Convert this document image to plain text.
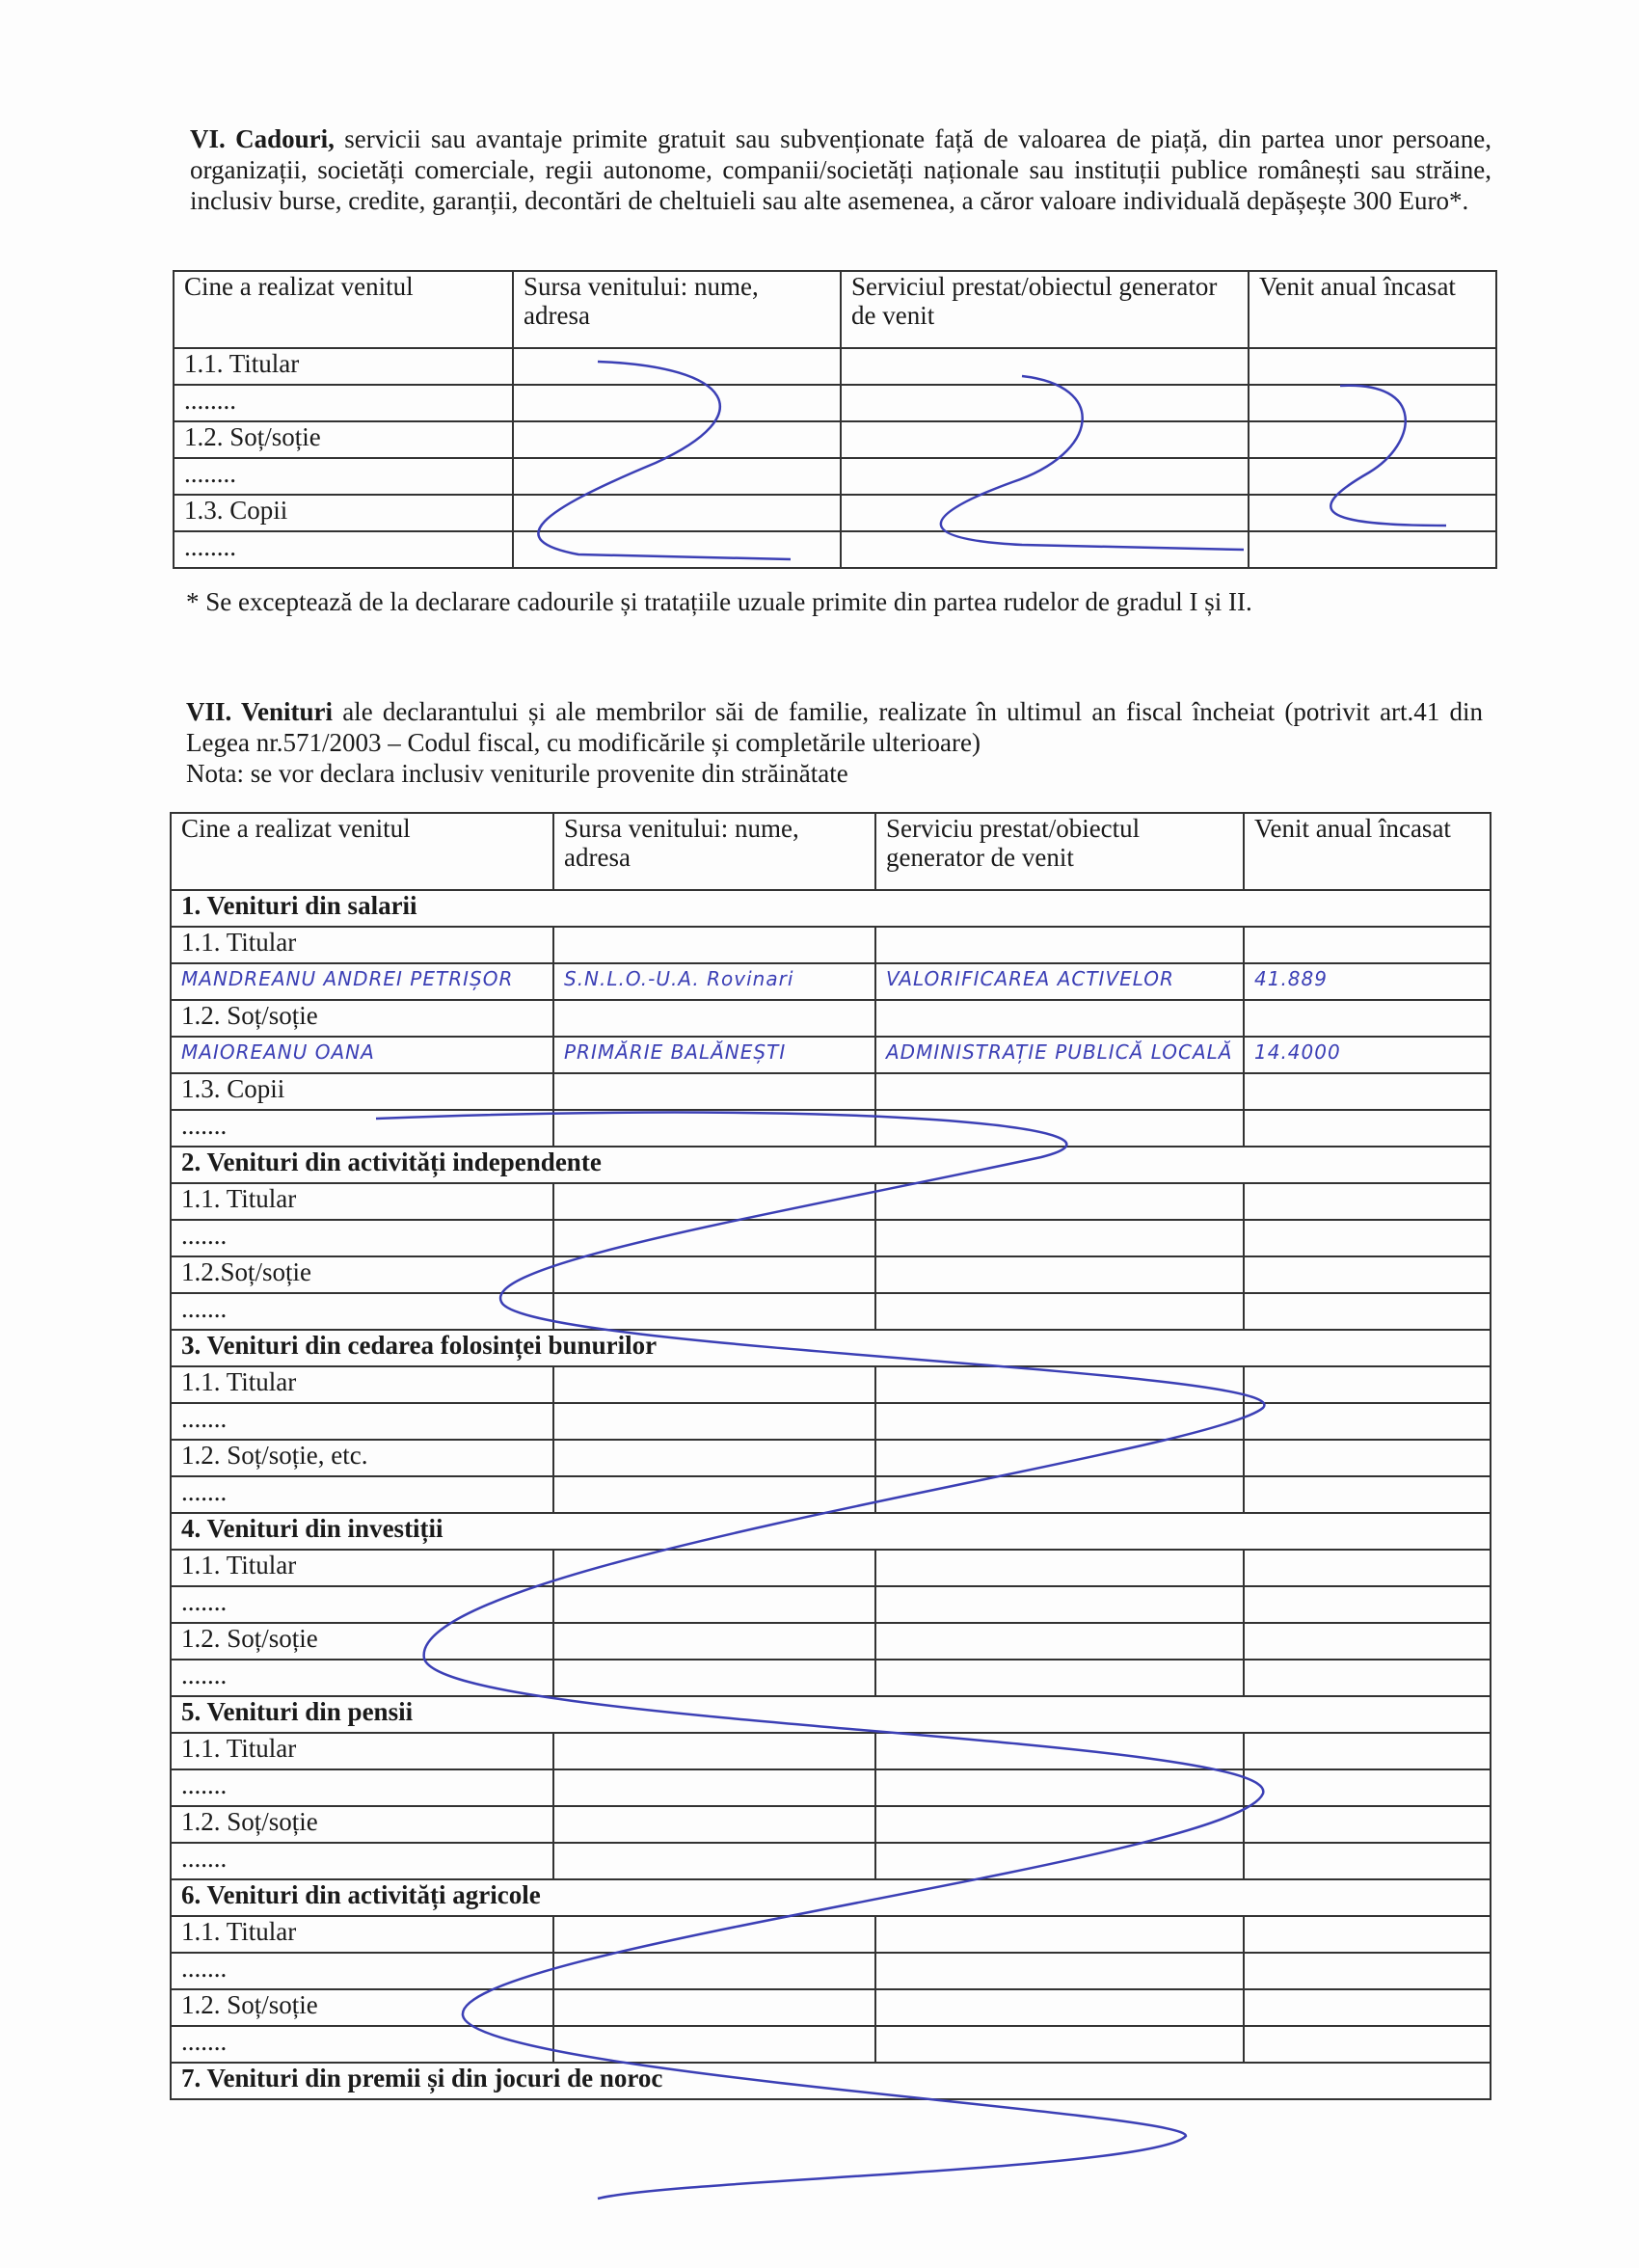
VI. Cadouri, servicii sau avantaje primite gratuit sau subvenționate față de valoarea de piață, din partea unor persoane, organizații, societăți comerciale, regii autonome, companii/societăți naționale sau instituții publice românești sau străine, inclusiv burse, credite, garanții, decontări de cheltuieli sau alte asemenea, a căror valoare individuală depășește 300 Euro*.
Cine a realizat venitul	Sursa venitului: nume, adresa	Serviciul prestat/obiectul generator de venit	Venit anual încasat
1.1. Titular			
........			
1.2. Soț/soție			
........			
1.3. Copii			
........			
* Se exceptează de la declarare cadourile și tratațiile uzuale primite din partea rudelor de gradul I și II.
VII. Venituri ale declarantului și ale membrilor săi de familie, realizate în ultimul an fiscal încheiat (potrivit art.41 din Legea nr.571/2003 – Codul fiscal, cu modificările și completările ulterioare)
Nota: se vor declara inclusiv veniturile provenite din străinătate
Cine a realizat venitul	Sursa venitului: nume, adresa	Serviciu prestat/obiectul generator de venit	Venit anual încasat
1. Venituri din salarii			
1.1. Titular			
MANDREANU ANDREI PETRIȘOR	S.N.L.O.-U.A. Rovinari	VALORIFICAREA ACTIVELOR	41.889
1.2. Soț/soție			
MAIOREANU OANA	PRIMĂRIE BALĂNEȘTI	ADMINISTRAȚIE PUBLICĂ LOCALĂ	14.4000
1.3. Copii			
.......			
2. Venituri din activități independente			
1.1. Titular			
.......			
1.2.Soț/soție			
.......			
3. Venituri din cedarea folosinței bunurilor			
1.1. Titular			
.......			
1.2. Soț/soție, etc.			
.......			
4. Venituri din investiții			
1.1. Titular			
.......			
1.2. Soț/soție			
.......			
5. Venituri din pensii			
1.1. Titular			
.......			
1.2. Soț/soție			
.......			
6. Venituri din activități agricole			
1.1. Titular			
.......			
1.2. Soț/soție			
.......			
7. Venituri din premii și din jocuri de noroc			
